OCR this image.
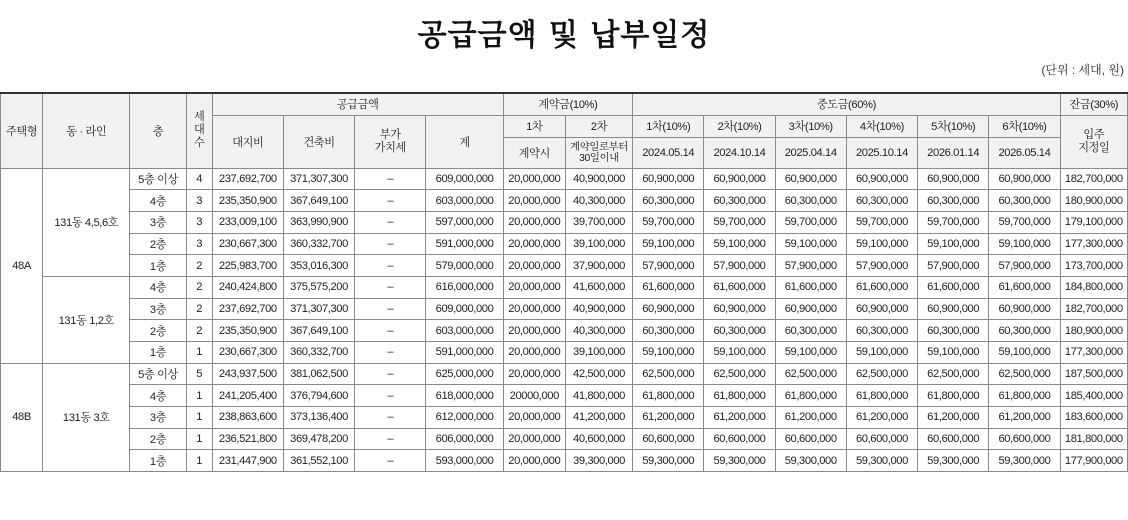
공급금액 및 납부일정
(단위 : 세대, 원)
주택형	동 · 라인	층	세
대
수	공급금액				계약금(10%)		중도금(60%)						잔금(30%)
				대지비	건축비	부가
가치세	계	1차	2차	1차(10%)	2차(10%)	3차(10%)	4차(10%)	5차(10%)	6차(10%)	입주
지정일
								계약시	계약일로부터
30일이내	2024.05.14	2024.10.14	2025.04.14	2025.10.14	2026.01.14	2026.05.14	
48A	131동 4,5,6호	5층 이상	4	237,692,700	371,307,300	–	609,000,000	20,000,000	40,900,000	60,900,000	60,900,000	60,900,000	60,900,000	60,900,000	60,900,000	182,700,000
		4층	3	235,350,900	367,649,100	–	603,000,000	20,000,000	40,300,000	60,300,000	60,300,000	60,300,000	60,300,000	60,300,000	60,300,000	180,900,000
		3층	3	233,009,100	363,990,900	–	597,000,000	20,000,000	39,700,000	59,700,000	59,700,000	59,700,000	59,700,000	59,700,000	59,700,000	179,100,000
		2층	3	230,667,300	360,332,700	–	591,000,000	20,000,000	39,100,000	59,100,000	59,100,000	59,100,000	59,100,000	59,100,000	59,100,000	177,300,000
		1층	2	225,983,700	353,016,300	–	579,000,000	20,000,000	37,900,000	57,900,000	57,900,000	57,900,000	57,900,000	57,900,000	57,900,000	173,700,000
	131동 1,2호	4층	2	240,424,800	375,575,200	–	616,000,000	20,000,000	41,600,000	61,600,000	61,600,000	61,600,000	61,600,000	61,600,000	61,600,000	184,800,000
		3층	2	237,692,700	371,307,300	–	609,000,000	20,000,000	40,900,000	60,900,000	60,900,000	60,900,000	60,900,000	60,900,000	60,900,000	182,700,000
		2층	2	235,350,900	367,649,100	–	603,000,000	20,000,000	40,300,000	60,300,000	60,300,000	60,300,000	60,300,000	60,300,000	60,300,000	180,900,000
		1층	1	230,667,300	360,332,700	–	591,000,000	20,000,000	39,100,000	59,100,000	59,100,000	59,100,000	59,100,000	59,100,000	59,100,000	177,300,000
48B	131동 3호	5층 이상	5	243,937,500	381,062,500	–	625,000,000	20,000,000	42,500,000	62,500,000	62,500,000	62,500,000	62,500,000	62,500,000	62,500,000	187,500,000
		4층	1	241,205,400	376,794,600	–	618,000,000	20000,000	41,800,000	61,800,000	61,800,000	61,800,000	61,800,000	61,800,000	61,800,000	185,400,000
		3층	1	238,863,600	373,136,400	–	612,000,000	20,000,000	41,200,000	61,200,000	61,200,000	61,200,000	61,200,000	61,200,000	61,200,000	183,600,000
		2층	1	236,521,800	369,478,200	–	606,000,000	20,000,000	40,600,000	60,600,000	60,600,000	60,600,000	60,600,000	60,600,000	60,600,000	181,800,000
		1층	1	231,447,900	361,552,100	–	593,000,000	20,000,000	39,300,000	59,300,000	59,300,000	59,300,000	59,300,000	59,300,000	59,300,000	177,900,000
